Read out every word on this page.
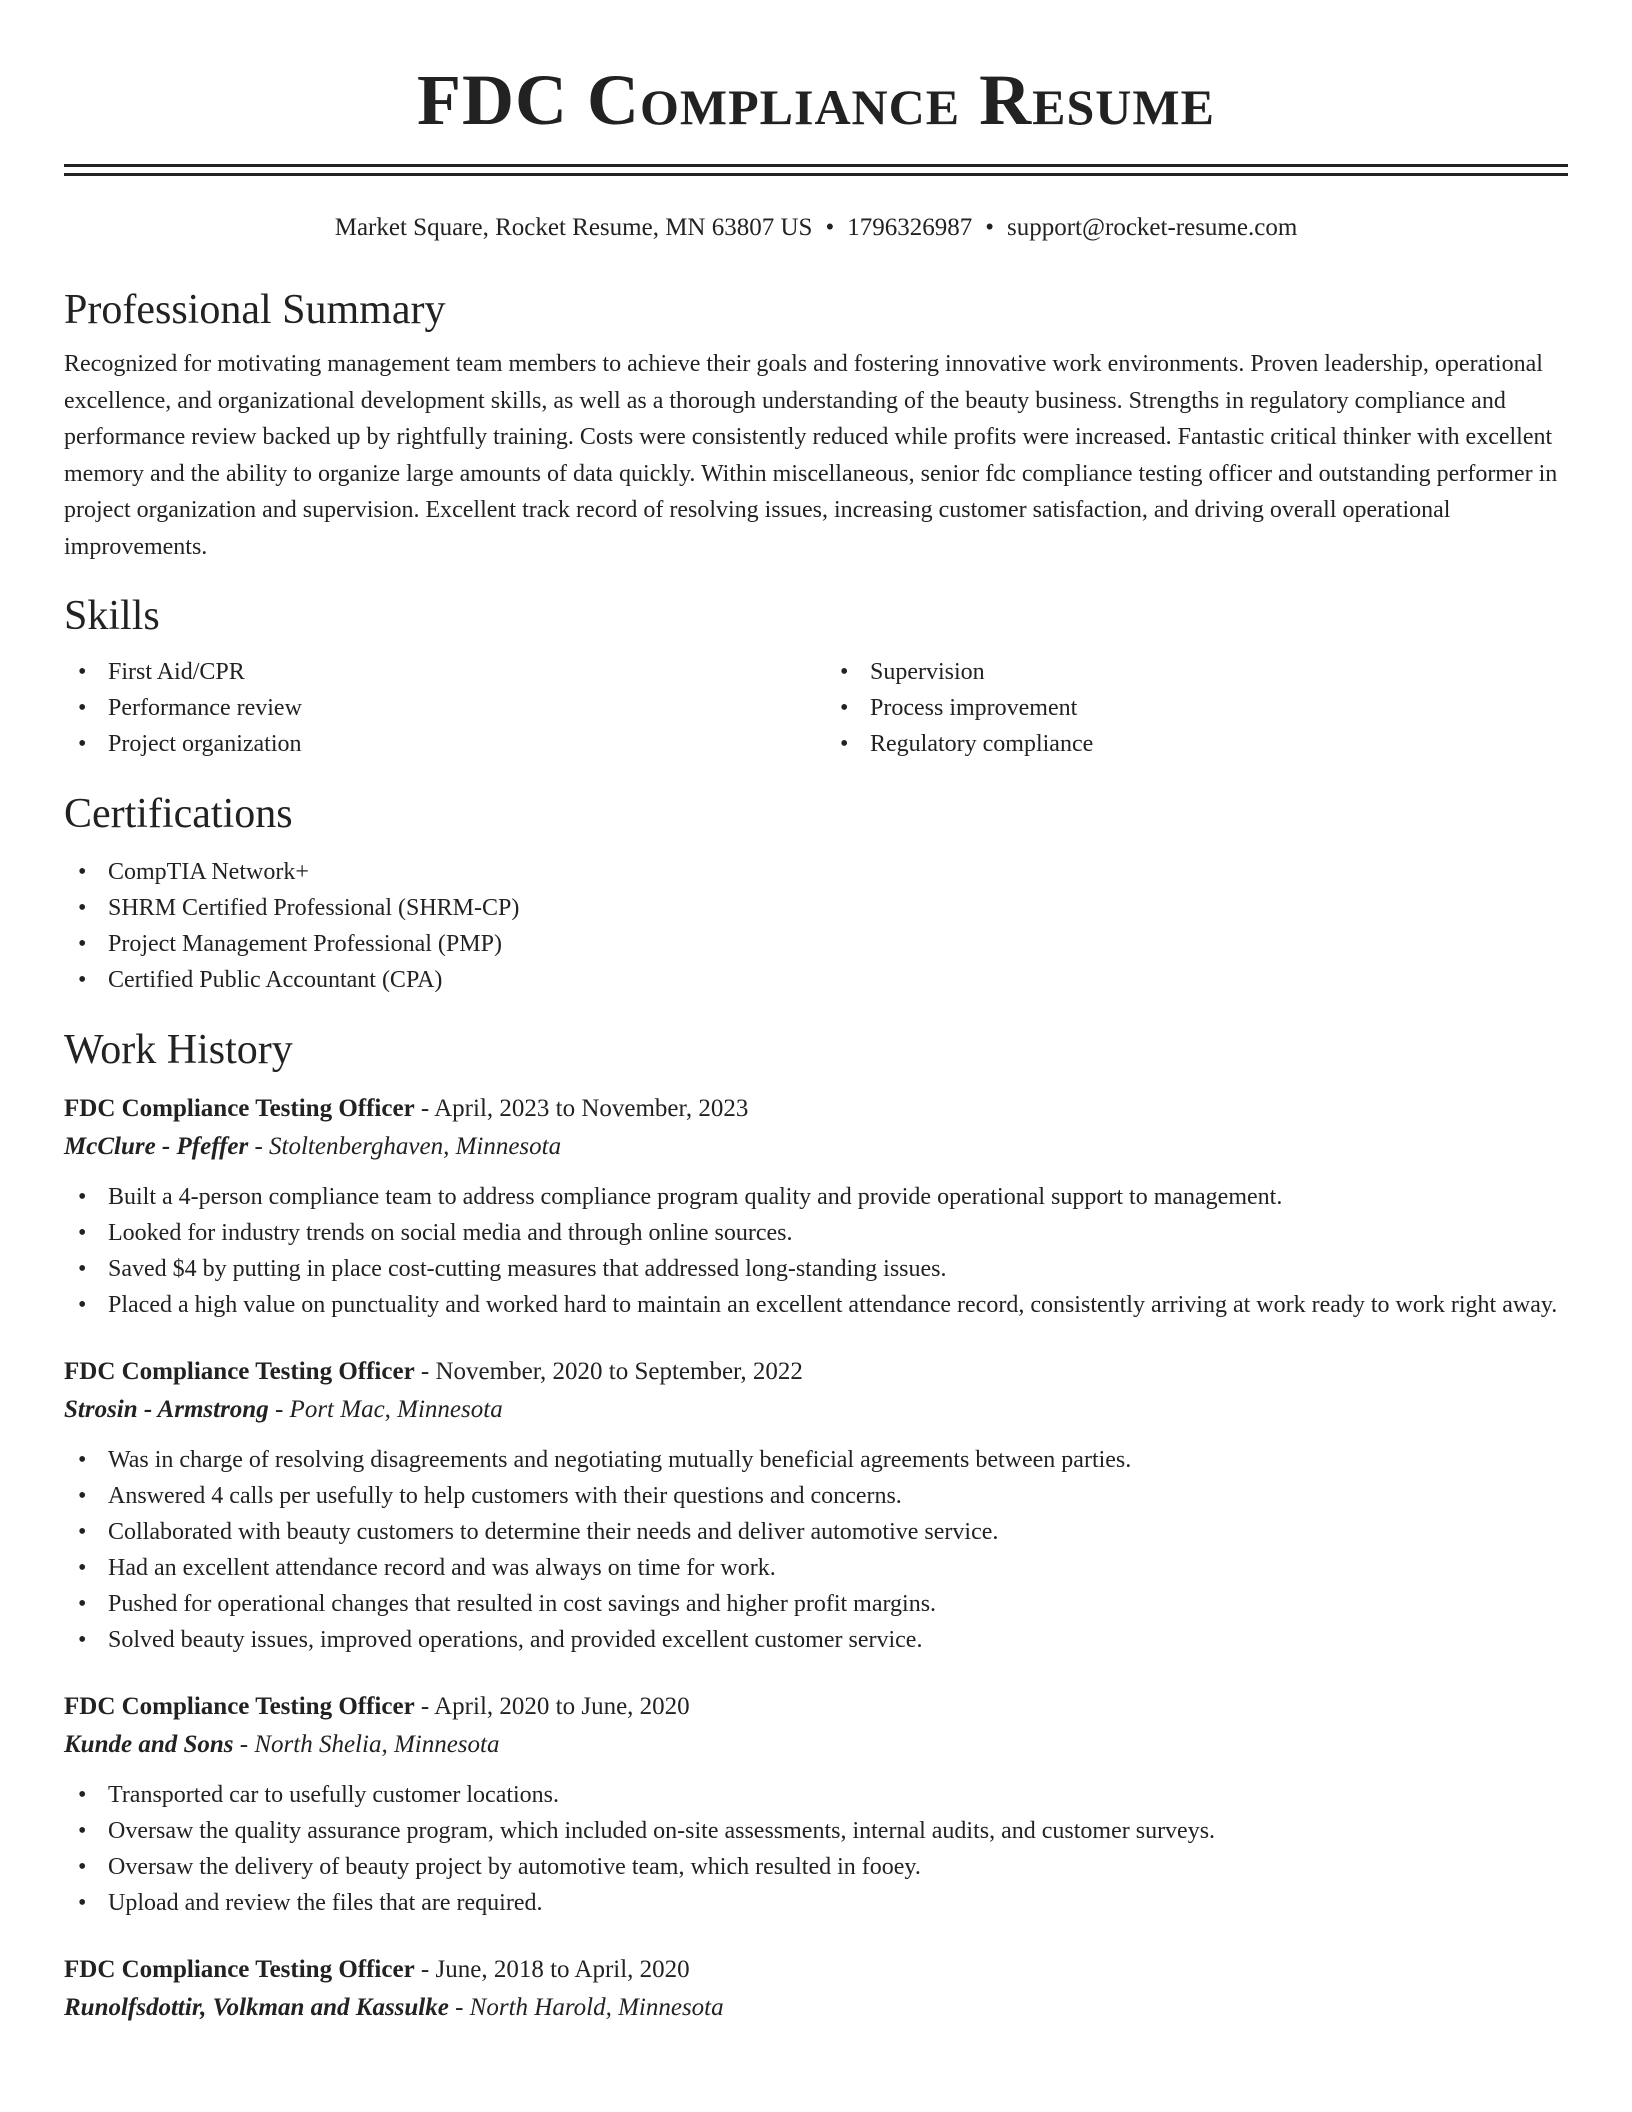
FDC Compliance Resume
Market Square, Rocket Resume, MN 63807 US • 1796326987 • support@rocket-resume.com
Professional Summary

Recognized for motivating management team members to achieve their goals and fostering innovative work environments. Proven leadership, operational excellence, and organizational development skills, as well as a thorough understanding of the beauty business. Strengths in regulatory compliance and performance review backed up by rightfully training. Costs were consistently reduced while profits were increased. Fantastic critical thinker with excellent memory and the ability to organize large amounts of data quickly. Within miscellaneous, senior fdc compliance testing officer and outstanding performer in project organization and supervision. Excellent track record of resolving issues, increasing customer satisfaction, and driving overall operational improvements.

Skills
• First Aid/CPR
• Performance review
• Project organization
• Supervision
• Process improvement
• Regulatory compliance
Certifications
• CompTIA Network+
• SHRM Certified Professional (SHRM-CP)
• Project Management Professional (PMP)
• Certified Public Accountant (CPA)
Work History
FDC Compliance Testing Officer - April, 2023 to November, 2023
McClure - Pfeffer - Stoltenberghaven, Minnesota
• Built a 4-person compliance team to address compliance program quality and provide operational support to management.
• Looked for industry trends on social media and through online sources.
• Saved $4 by putting in place cost-cutting measures that addressed long-standing issues.
• Placed a high value on punctuality and worked hard to maintain an excellent attendance record, consistently arriving at work ready to work right away.
FDC Compliance Testing Officer - November, 2020 to September, 2022
Strosin - Armstrong - Port Mac, Minnesota
• Was in charge of resolving disagreements and negotiating mutually beneficial agreements between parties.
• Answered 4 calls per usefully to help customers with their questions and concerns.
• Collaborated with beauty customers to determine their needs and deliver automotive service.
• Had an excellent attendance record and was always on time for work.
• Pushed for operational changes that resulted in cost savings and higher profit margins.
• Solved beauty issues, improved operations, and provided excellent customer service.
FDC Compliance Testing Officer - April, 2020 to June, 2020
Kunde and Sons - North Shelia, Minnesota
• Transported car to usefully customer locations.
• Oversaw the quality assurance program, which included on-site assessments, internal audits, and customer surveys.
• Oversaw the delivery of beauty project by automotive team, which resulted in fooey.
• Upload and review the files that are required.
FDC Compliance Testing Officer - June, 2018 to April, 2020
Runolfsdottir, Volkman and Kassulke - North Harold, Minnesota
